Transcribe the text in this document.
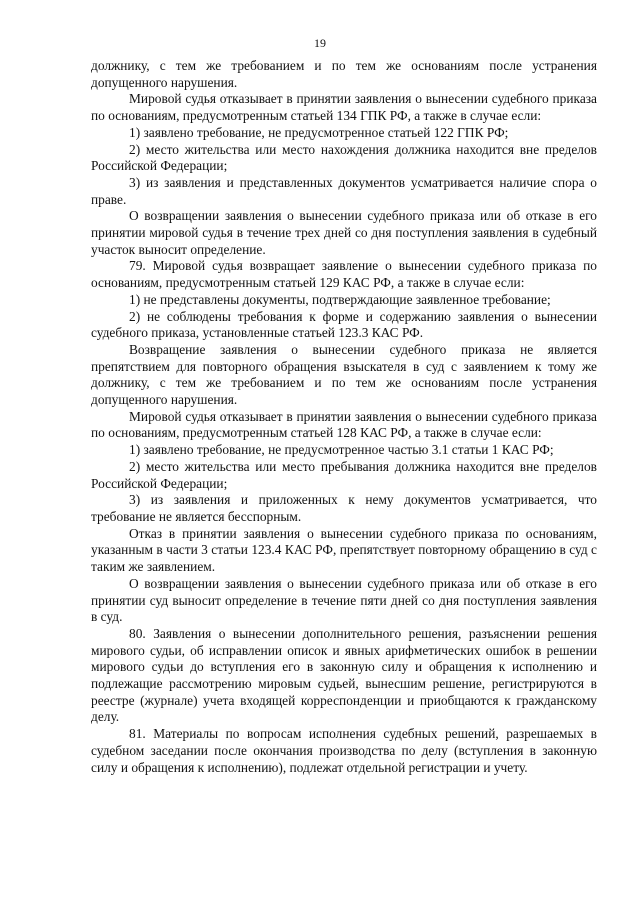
19

должнику, с тем же требованием и по тем же основаниям после устранения допущенного нарушения.

Мировой судья отказывает в принятии заявления о вынесении судебного приказа по основаниям, предусмотренным статьей 134 ГПК РФ, а также в случае если:

1) заявлено требование, не предусмотренное статьей 122 ГПК РФ;

2) место жительства или место нахождения должника находится вне пределов Российской Федерации;

3) из заявления и представленных документов усматривается наличие спора о праве.

О возвращении заявления о вынесении судебного приказа или об отказе в его принятии мировой судья в течение трех дней со дня поступления заявления в судебный участок выносит определение.

79. Мировой судья возвращает заявление о вынесении судебного приказа по основаниям, предусмотренным статьей 129 КАС РФ, а также в случае если:

1) не представлены документы, подтверждающие заявленное требование;

2) не соблюдены требования к форме и содержанию заявления о вынесении судебного приказа, установленные статьей 123.3 КАС РФ.

Возвращение заявления о вынесении судебного приказа не является препятствием для повторного обращения взыскателя в суд с заявлением к тому же должнику, с тем же требованием и по тем же основаниям после устранения допущенного нарушения.

Мировой судья отказывает в принятии заявления о вынесении судебного приказа по основаниям, предусмотренным статьей 128 КАС РФ, а также в случае если:

1) заявлено требование, не предусмотренное частью 3.1 статьи 1 КАС РФ;

2) место жительства или место пребывания должника находится вне пределов Российской Федерации;

3) из заявления и приложенных к нему документов усматривается, что требование не является бесспорным.

Отказ в принятии заявления о вынесении судебного приказа по основаниям, указанным в части 3 статьи 123.4 КАС РФ, препятствует повторному обращению в суд с таким же заявлением.

О возвращении заявления о вынесении судебного приказа или об отказе в его принятии суд выносит определение в течение пяти дней со дня поступления заявления в суд.

80. Заявления о вынесении дополнительного решения, разъяснении решения мирового судьи, об исправлении описок и явных арифметических ошибок в решении мирового судьи до вступления его в законную силу и обращения к исполнению и подлежащие рассмотрению мировым судьей, вынесшим решение, регистрируются в реестре (журнале) учета входящей корреспонденции и приобщаются к гражданскому делу.

81. Материалы по вопросам исполнения судебных решений, разрешаемых в судебном заседании после окончания производства по делу (вступления в законную силу и обращения к исполнению), подлежат отдельной регистрации и учету.
